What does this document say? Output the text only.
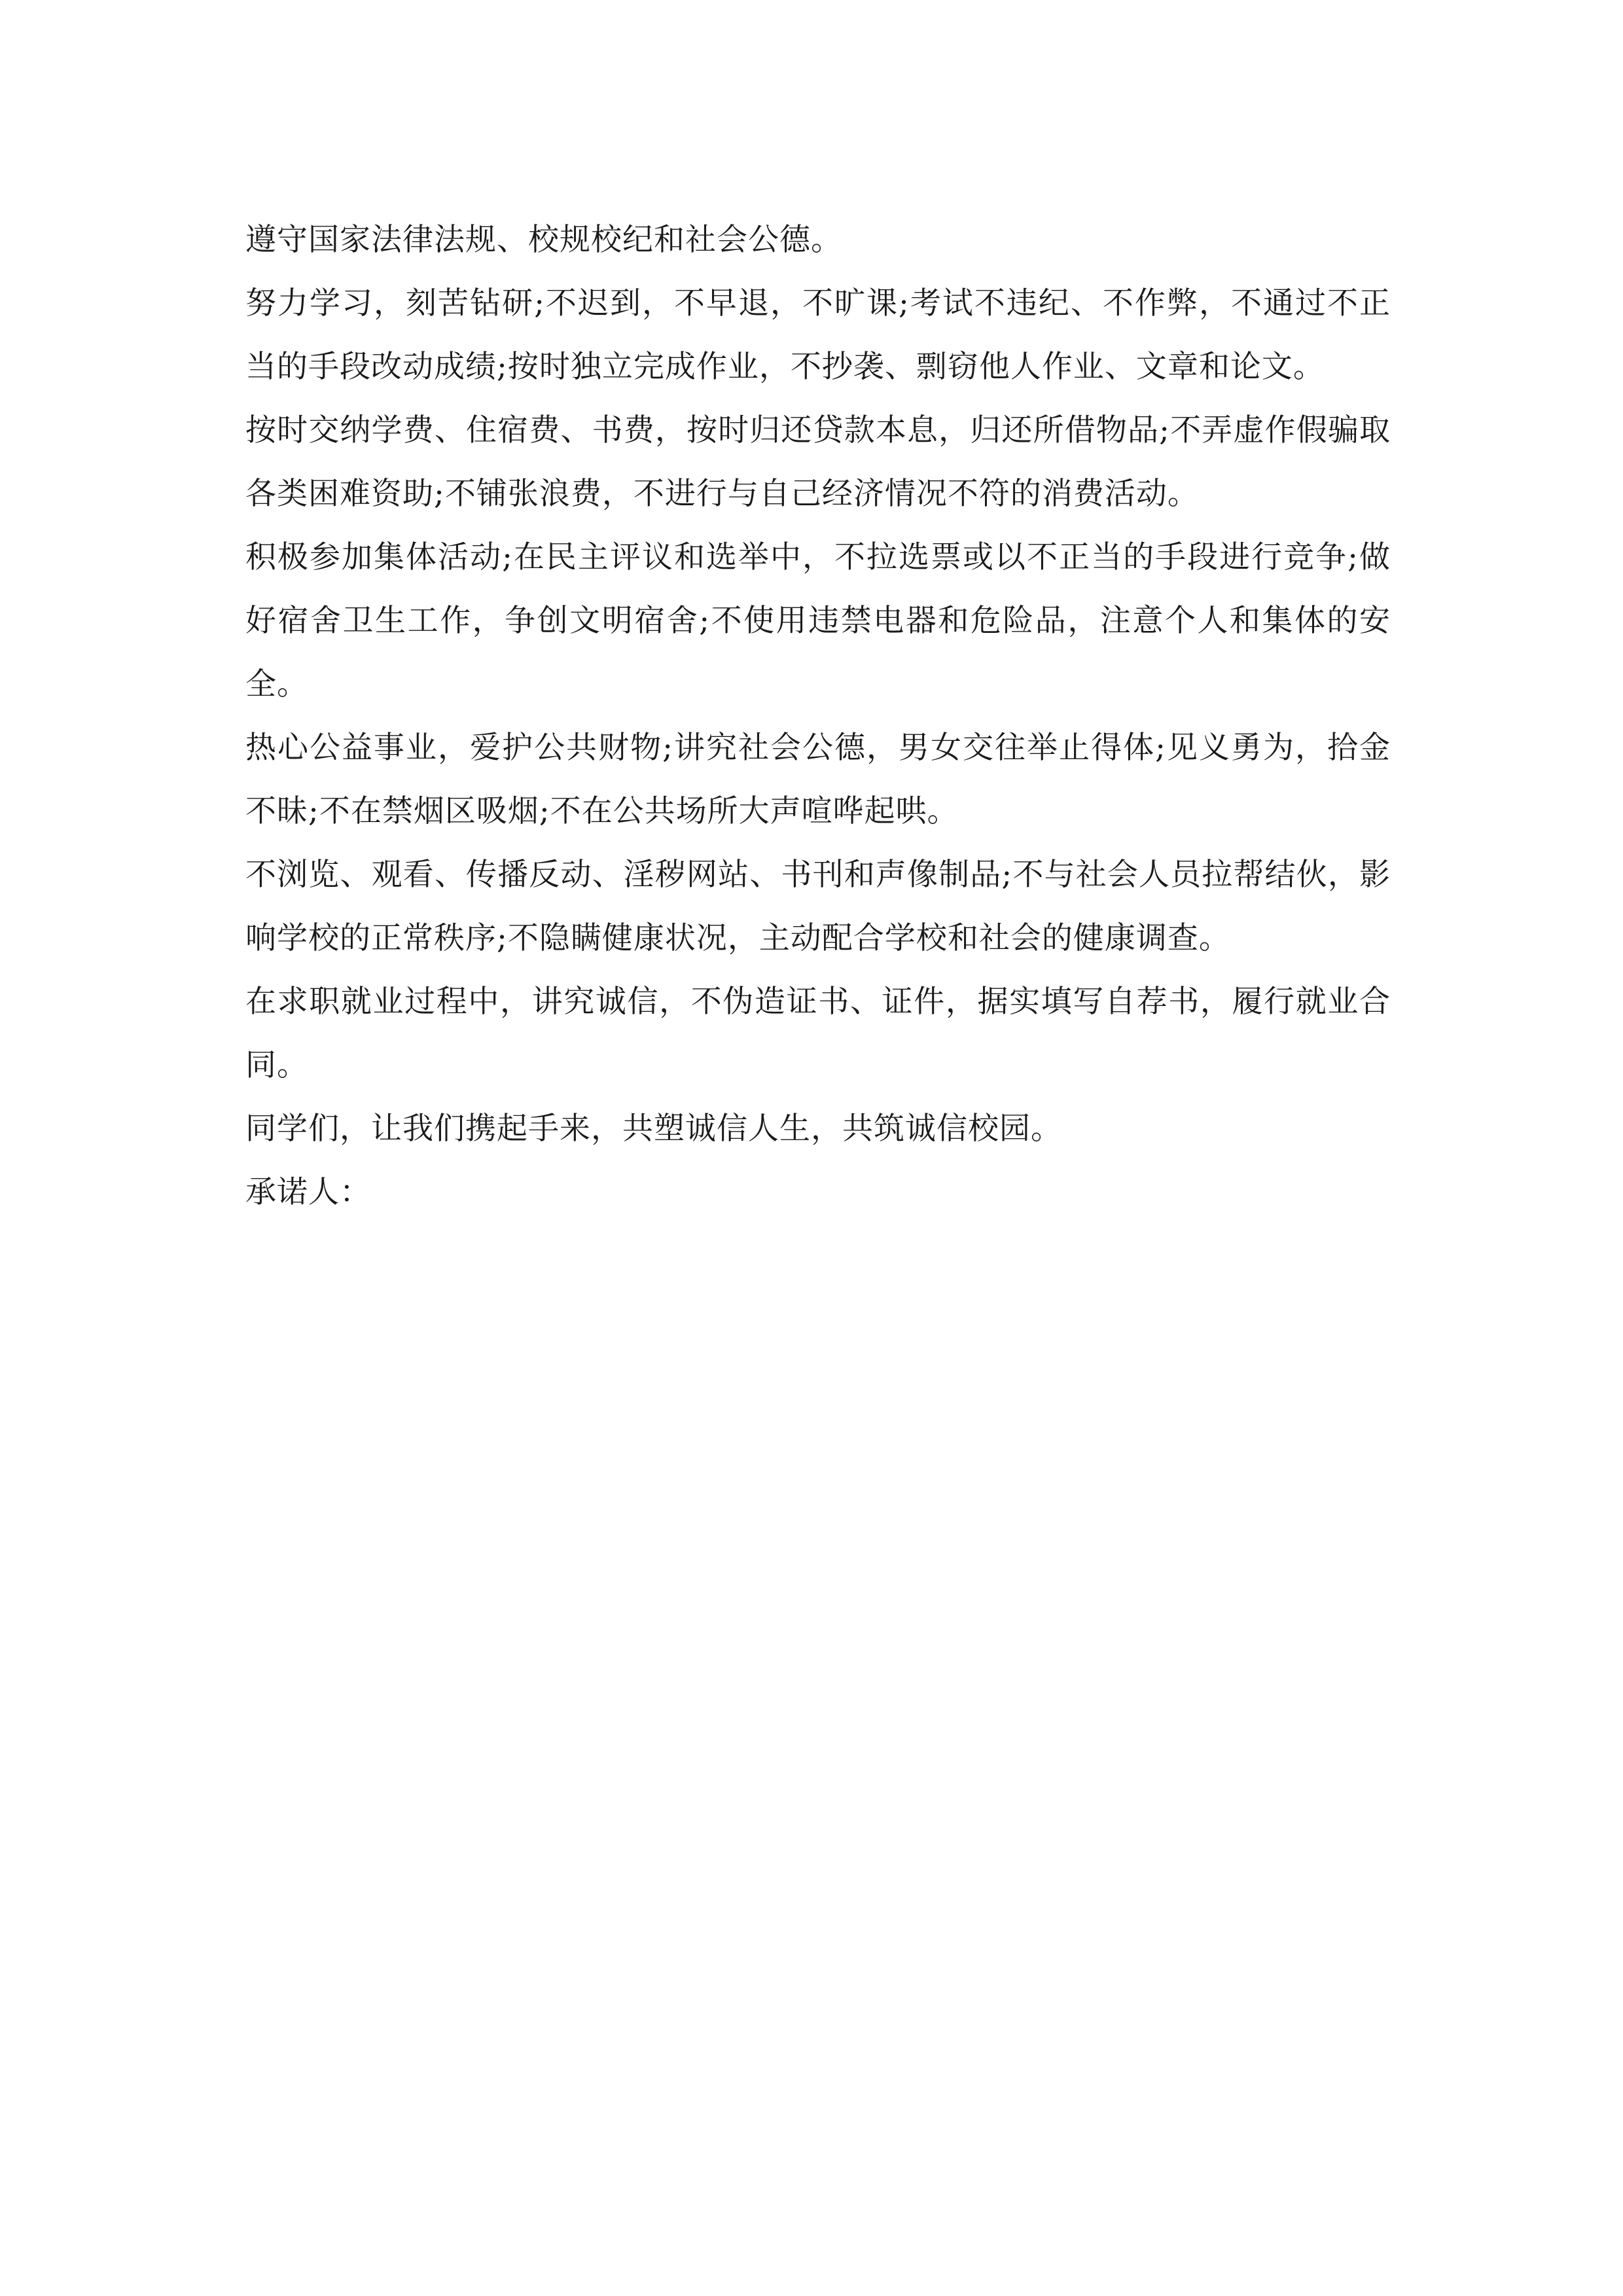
遵守国家法律法规、校规校纪和社会公德。

努力学习，刻苦钻研;不迟到，不早退，不旷课;考试不违纪、不作弊，不通过不正当的手段改动成绩;按时独立完成作业，不抄袭、剽窃他人作业、文章和论文。

按时交纳学费、住宿费、书费，按时归还贷款本息，归还所借物品;不弄虚作假骗取各类困难资助;不铺张浪费，不进行与自己经济情况不符的消费活动。

积极参加集体活动;在民主评议和选举中，不拉选票或以不正当的手段进行竞争;做好宿舍卫生工作，争创文明宿舍;不使用违禁电器和危险品，注意个人和集体的安全。

热心公益事业，爱护公共财物;讲究社会公德，男女交往举止得体;见义勇为，拾金不昧;不在禁烟区吸烟;不在公共场所大声喧哗起哄。

不浏览、观看、传播反动、淫秽网站、书刊和声像制品;不与社会人员拉帮结伙，影响学校的正常秩序;不隐瞒健康状况，主动配合学校和社会的健康调查。

在求职就业过程中，讲究诚信，不伪造证书、证件，据实填写自荐书，履行就业合同。

同学们，让我们携起手来，共塑诚信人生，共筑诚信校园。

承诺人：
